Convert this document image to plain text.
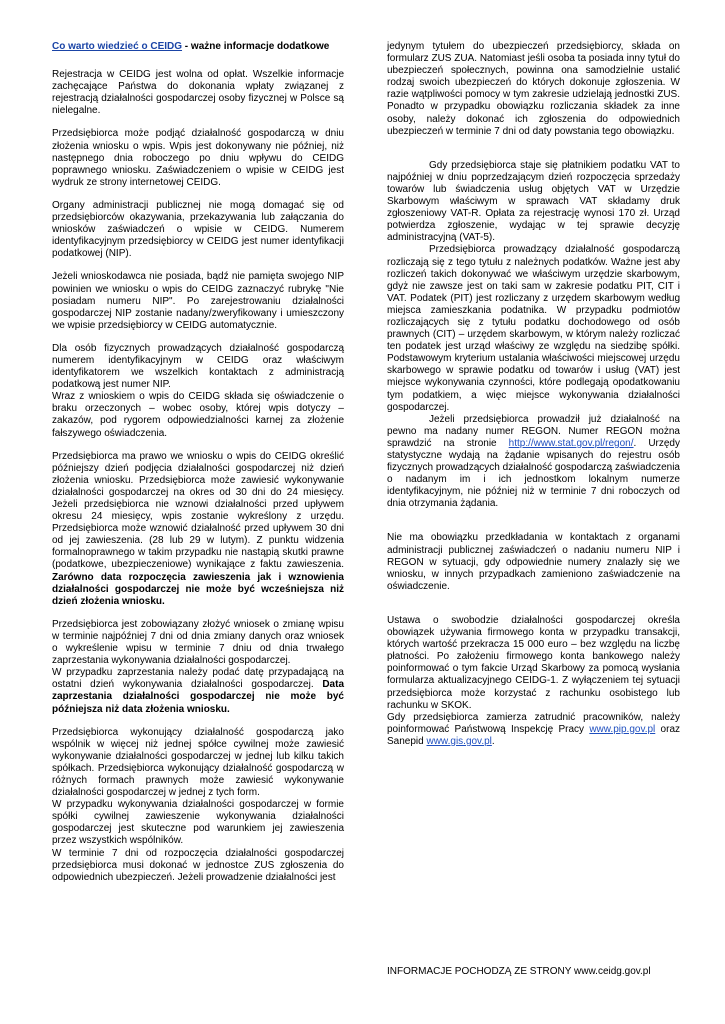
Co warto wiedzieć o CEIDG - ważne informacje dodatkowe

Rejestracja w CEIDG jest wolna od opłat. Wszelkie informacje zachęcające Państwa do dokonania wpłaty związanej z rejestracją działalności gospodarczej osoby fizycznej w Polsce są nielegalne.

Przedsiębiorca może podjąć działalność gospodarczą w dniu złożenia wniosku o wpis. Wpis jest dokonywany nie później, niż następnego dnia roboczego po dniu wpływu do CEIDG poprawnego wniosku. Zaświadczeniem o wpisie w CEIDG jest wydruk ze strony internetowej CEIDG.

Organy administracji publicznej nie mogą domagać się od przedsiębiorców okazywania, przekazywania lub załączania do wniosków zaświadczeń o wpisie w CEIDG. Numerem identyfikacyjnym przedsiębiorcy w CEIDG jest numer identyfikacji podatkowej (NIP).

Jeżeli wnioskodawca nie posiada, bądź nie pamięta swojego NIP powinien we wniosku o wpis do CEIDG zaznaczyć rubrykę "Nie posiadam numeru NIP". Po zarejestrowaniu działalności gospodarczej NIP zostanie nadany/zweryfikowany i umieszczony we wpisie przedsiębiorcy w CEIDG automatycznie.

Dla osób fizycznych prowadzących działalność gospodarczą numerem identyfikacyjnym w CEIDG oraz właściwym identyfikatorem we wszelkich kontaktach z administracją podatkową jest numer NIP.

Wraz z wnioskiem o wpis do CEIDG składa się oświadczenie o braku orzeczonych – wobec osoby, której wpis dotyczy – zakazów, pod rygorem odpowiedzialności karnej za złożenie fałszywego oświadczenia.

Przedsiębiorca ma prawo we wniosku o wpis do CEIDG określić późniejszy dzień podjęcia działalności gospodarczej niż dzień złożenia wniosku. Przedsiębiorca może zawiesić wykonywanie działalności gospodarczej na okres od 30 dni do 24 miesięcy. Jeżeli przedsiębiorca nie wznowi działalności przed upływem okresu 24 miesięcy, wpis zostanie wykreślony z urzędu. Przedsiębiorca może wznowić działalność przed upływem 30 dni od jej zawieszenia. (28 lub 29 w lutym). Z punktu widzenia formalnoprawnego w takim przypadku nie nastąpią skutki prawne (podatkowe, ubezpieczeniowe) wynikające z faktu zawieszenia. Zarówno data rozpoczęcia zawieszenia jak i wznowienia działalności gospodarczej nie może być wcześniejsza niż dzień złożenia wniosku.

Przedsiębiorca jest zobowiązany złożyć wniosek o zmianę wpisu w terminie najpóźniej 7 dni od dnia zmiany danych oraz wniosek o wykreślenie wpisu w terminie 7 dniu od dnia trwałego zaprzestania wykonywania działalności gospodarczej.

W przypadku zaprzestania należy podać datę przypadającą na ostatni dzień wykonywania działalności gospodarczej. Data zaprzestania działalności gospodarczej nie może być późniejsza niż data złożenia wniosku.

Przedsiębiorca wykonujący działalność gospodarczą jako wspólnik w więcej niż jednej spółce cywilnej może zawiesić wykonywanie działalności gospodarczej w jednej lub kilku takich spółkach. Przedsiębiorca wykonujący działalność gospodarczą w różnych formach prawnych może zawiesić wykonywanie działalności gospodarczej w jednej z tych form.

W przypadku wykonywania działalności gospodarczej w formie spółki cywilnej zawieszenie wykonywania działalności gospodarczej jest skuteczne pod warunkiem jej zawieszenia przez wszystkich wspólników.

W terminie 7 dni od rozpoczęcia działalności gospodarczej przedsiębiorca musi dokonać w jednostce ZUS zgłoszenia do odpowiednich ubezpieczeń. Jeżeli prowadzenie działalności jest

jedynym tytułem do ubezpieczeń przedsiębiorcy, składa on formularz ZUS ZUA. Natomiast jeśli osoba ta posiada inny tytuł do ubezpieczeń społecznych, powinna ona samodzielnie ustalić rodzaj swoich ubezpieczeń do których dokonuje zgłoszenia. W razie wątpliwości pomocy w tym zakresie udzielają jednostki ZUS. Ponadto w przypadku obowiązku rozliczania składek za inne osoby, należy dokonać ich zgłoszenia do odpowiednich ubezpieczeń w terminie 7 dni od daty powstania tego obowiązku.

Gdy przedsiębiorca staje się płatnikiem podatku VAT to najpóźniej w dniu poprzedzającym dzień rozpoczęcia sprzedaży towarów lub świadczenia usług objętych VAT w Urzędzie Skarbowym właściwym w sprawach VAT składamy druk zgłoszeniowy VAT-R. Opłata za rejestrację wynosi 170 zł. Urząd potwierdza zgłoszenie, wydając w tej sprawie decyzję administracyjną (VAT-5).

Przedsiębiorca prowadzący działalność gospodarczą rozliczają się z tego tytułu z należnych podatków. Ważne jest aby rozliczeń takich dokonywać we właściwym urzędzie skarbowym, gdyż nie zawsze jest on taki sam w zakresie podatku PIT, CIT i VAT. Podatek (PIT) jest rozliczany z urzędem skarbowym według miejsca zamieszkania podatnika. W przypadku podmiotów rozliczających się z tytułu podatku dochodowego od osób prawnych (CIT) – urzędem skarbowym, w którym należy rozliczać ten podatek jest urząd właściwy ze względu na siedzibę spółki. Podstawowym kryterium ustalania właściwości miejscowej urzędu skarbowego w sprawie podatku od towarów i usług (VAT) jest miejsce wykonywania czynności, które podlegają opodatkowaniu tym podatkiem, a więc miejsce wykonywania działalności gospodarczej.

Jeżeli przedsiębiorca prowadził już działalność na pewno ma nadany numer REGON. Numer REGON można sprawdzić na stronie http://www.stat.gov.pl/regon/. Urzędy statystyczne wydają na żądanie wpisanych do rejestru osób fizycznych prowadzących działalność gospodarczą zaświadczenia o nadanym im i ich jednostkom lokalnym numerze identyfikacyjnym, nie później niż w terminie 7 dni roboczych od dnia otrzymania żądania.

Nie ma obowiązku przedkładania w kontaktach z organami administracji publicznej zaświadczeń o nadaniu numeru NIP i REGON w sytuacji, gdy odpowiednie numery znalazły się we wniosku, w innych przypadkach zamieniono zaświadczenie na oświadczenie.

Ustawa o swobodzie działalności gospodarczej określa obowiązek używania firmowego konta w przypadku transakcji, których wartość przekracza 15 000 euro – bez względu na liczbę płatności. Po założeniu firmowego konta bankowego należy poinformować o tym fakcie Urząd Skarbowy za pomocą wysłania formularza aktualizacyjnego CEIDG-1. Z wyłączeniem tej sytuacji przedsiębiorca może korzystać z rachunku osobistego lub rachunku w SKOK.

Gdy przedsiębiorca zamierza zatrudnić pracowników, należy poinformować Państwową Inspekcję Pracy www.pip.gov.pl oraz Sanepid www.gis.gov.pl.

INFORMACJE POCHODZĄ ZE STRONY www.ceidg.gov.pl
